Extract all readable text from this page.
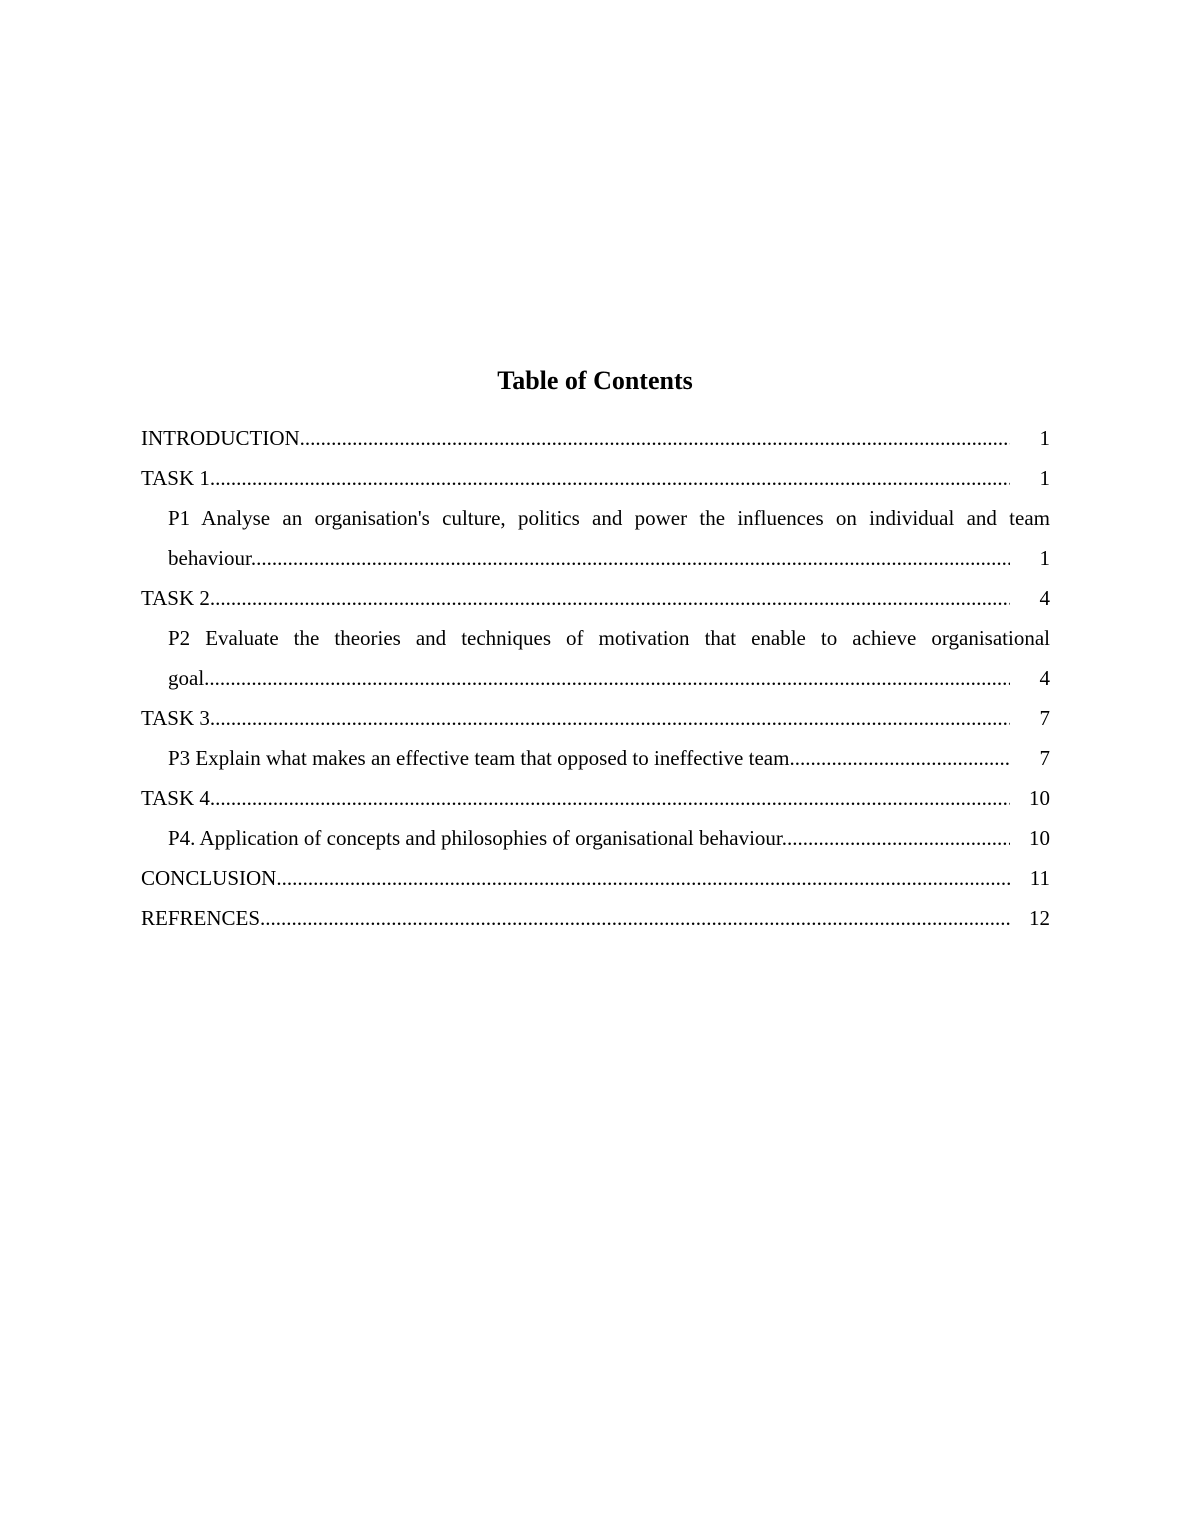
Table of Contents
INTRODUCTION .....	1
TASK 1 .....	1
P1 Analyse an organisation's culture, politics and power the influences on individual and team
behaviour .....	1
TASK 2 .....	4
P2 Evaluate the theories and techniques of motivation that enable to achieve organisational
goal .....	4
TASK 3 .....	7
P3 Explain what makes an effective team that opposed to ineffective team .....	7
TASK 4 .....	10
P4. Application of concepts and philosophies of organisational behaviour .....	10
CONCLUSION .....	11
REFRENCES .....	12
